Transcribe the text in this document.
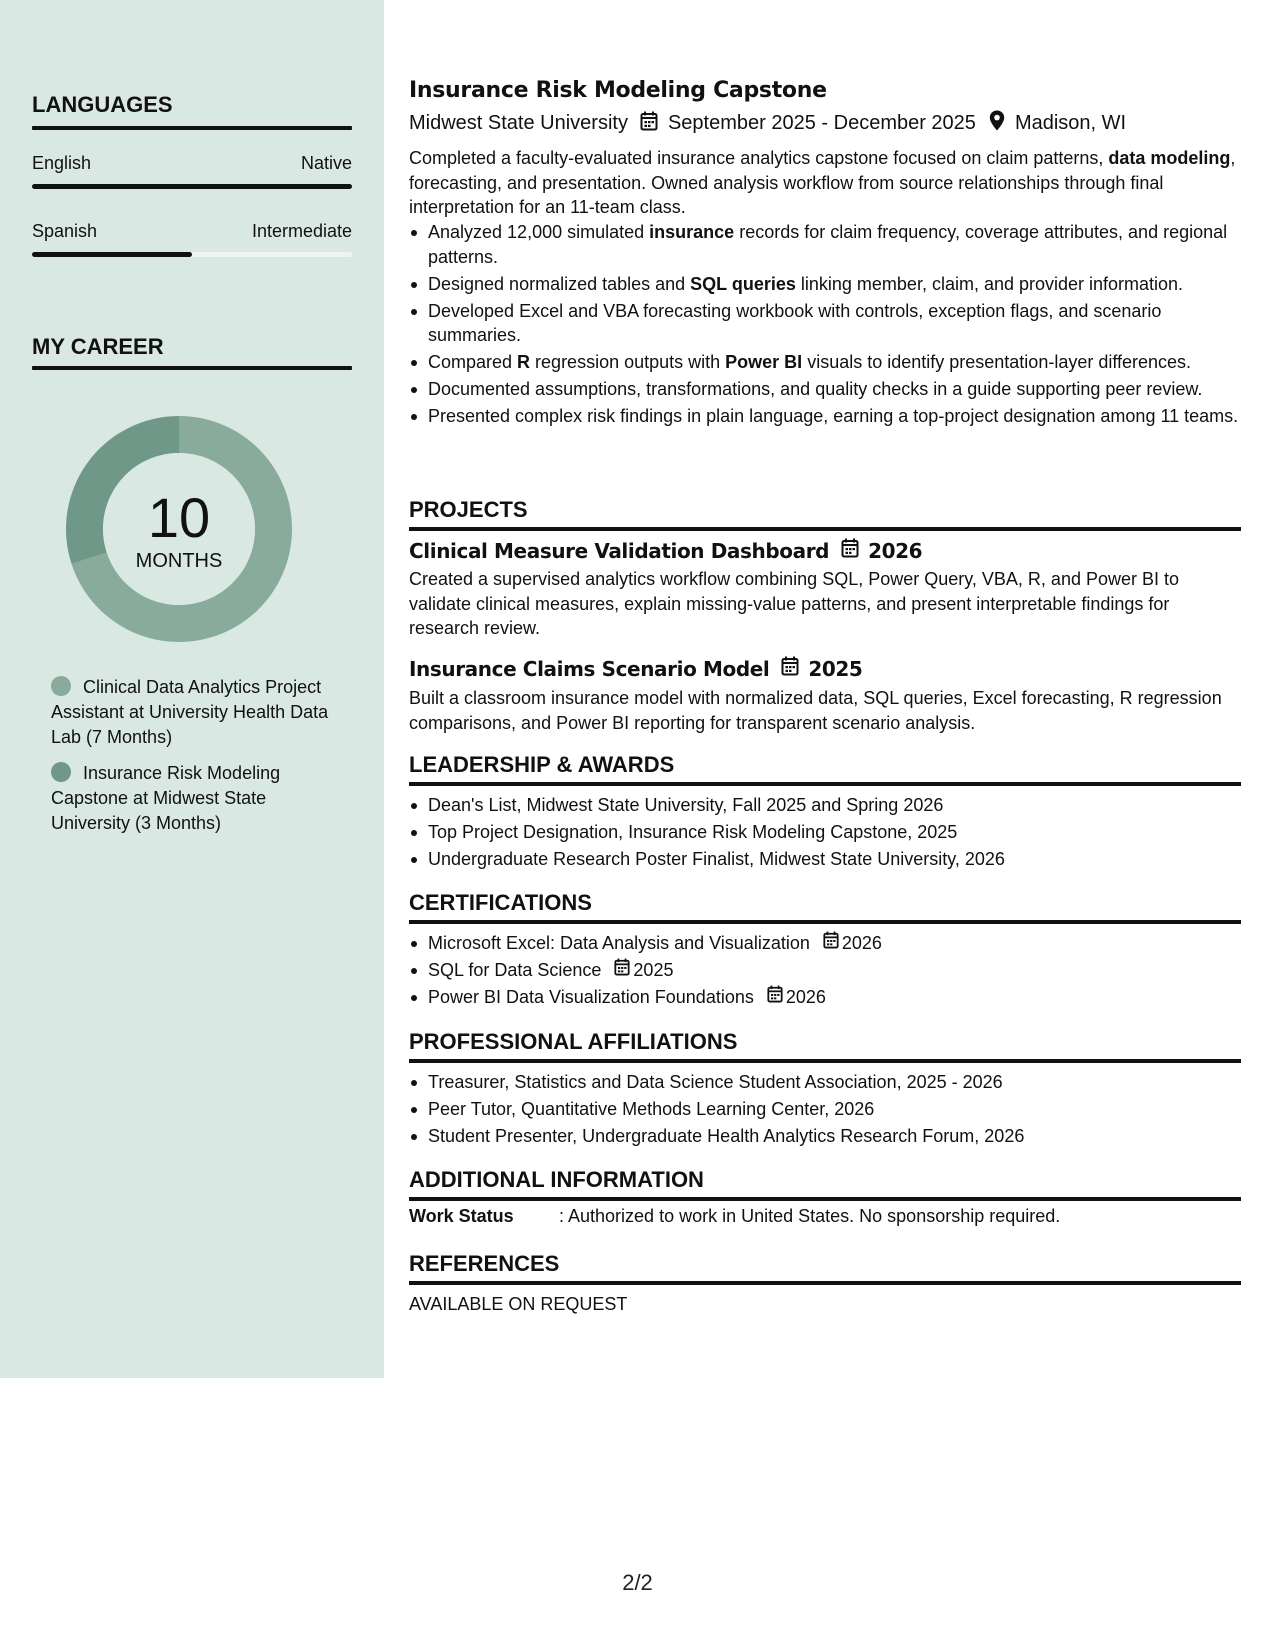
LANGUAGES
English	Native
Spanish	Intermediate
MY CAREER
10
MONTHS
Clinical Data Analytics Project Assistant at University Health Data Lab (7 Months)
Insurance Risk Modeling Capstone at Midwest State University (3 Months)
Insurance Risk Modeling Capstone
Midwest State University September 2025 - December 2025 Madison, WI
Completed a faculty-evaluated insurance analytics capstone focused on claim patterns, data modeling, forecasting, and presentation. Owned analysis workflow from source relationships through final interpretation for an 11-team class.
Analyzed 12,000 simulated insurance records for claim frequency, coverage attributes, and regional patterns.
Designed normalized tables and SQL queries linking member, claim, and provider information.
Developed Excel and VBA forecasting workbook with controls, exception flags, and scenario summaries.
Compared R regression outputs with Power BI visuals to identify presentation-layer differences.
Documented assumptions, transformations, and quality checks in a guide supporting peer review.
Presented complex risk findings in plain language, earning a top-project designation among 11 teams.
PROJECTS
Clinical Measure Validation Dashboard 2026
Created a supervised analytics workflow combining SQL, Power Query, VBA, R, and Power BI to validate clinical measures, explain missing-value patterns, and present interpretable findings for research review.
Insurance Claims Scenario Model 2025
Built a classroom insurance model with normalized data, SQL queries, Excel forecasting, R regression comparisons, and Power BI reporting for transparent scenario analysis.
LEADERSHIP & AWARDS
Dean's List, Midwest State University, Fall 2025 and Spring 2026
Top Project Designation, Insurance Risk Modeling Capstone, 2025
Undergraduate Research Poster Finalist, Midwest State University, 2026
CERTIFICATIONS
Microsoft Excel: Data Analysis and Visualization 2026
SQL for Data Science 2025
Power BI Data Visualization Foundations 2026
PROFESSIONAL AFFILIATIONS
Treasurer, Statistics and Data Science Student Association, 2025 - 2026
Peer Tutor, Quantitative Methods Learning Center, 2026
Student Presenter, Undergraduate Health Analytics Research Forum, 2026
ADDITIONAL INFORMATION
Work Status	: Authorized to work in United States. No sponsorship required.
REFERENCES
AVAILABLE ON REQUEST
2/2
